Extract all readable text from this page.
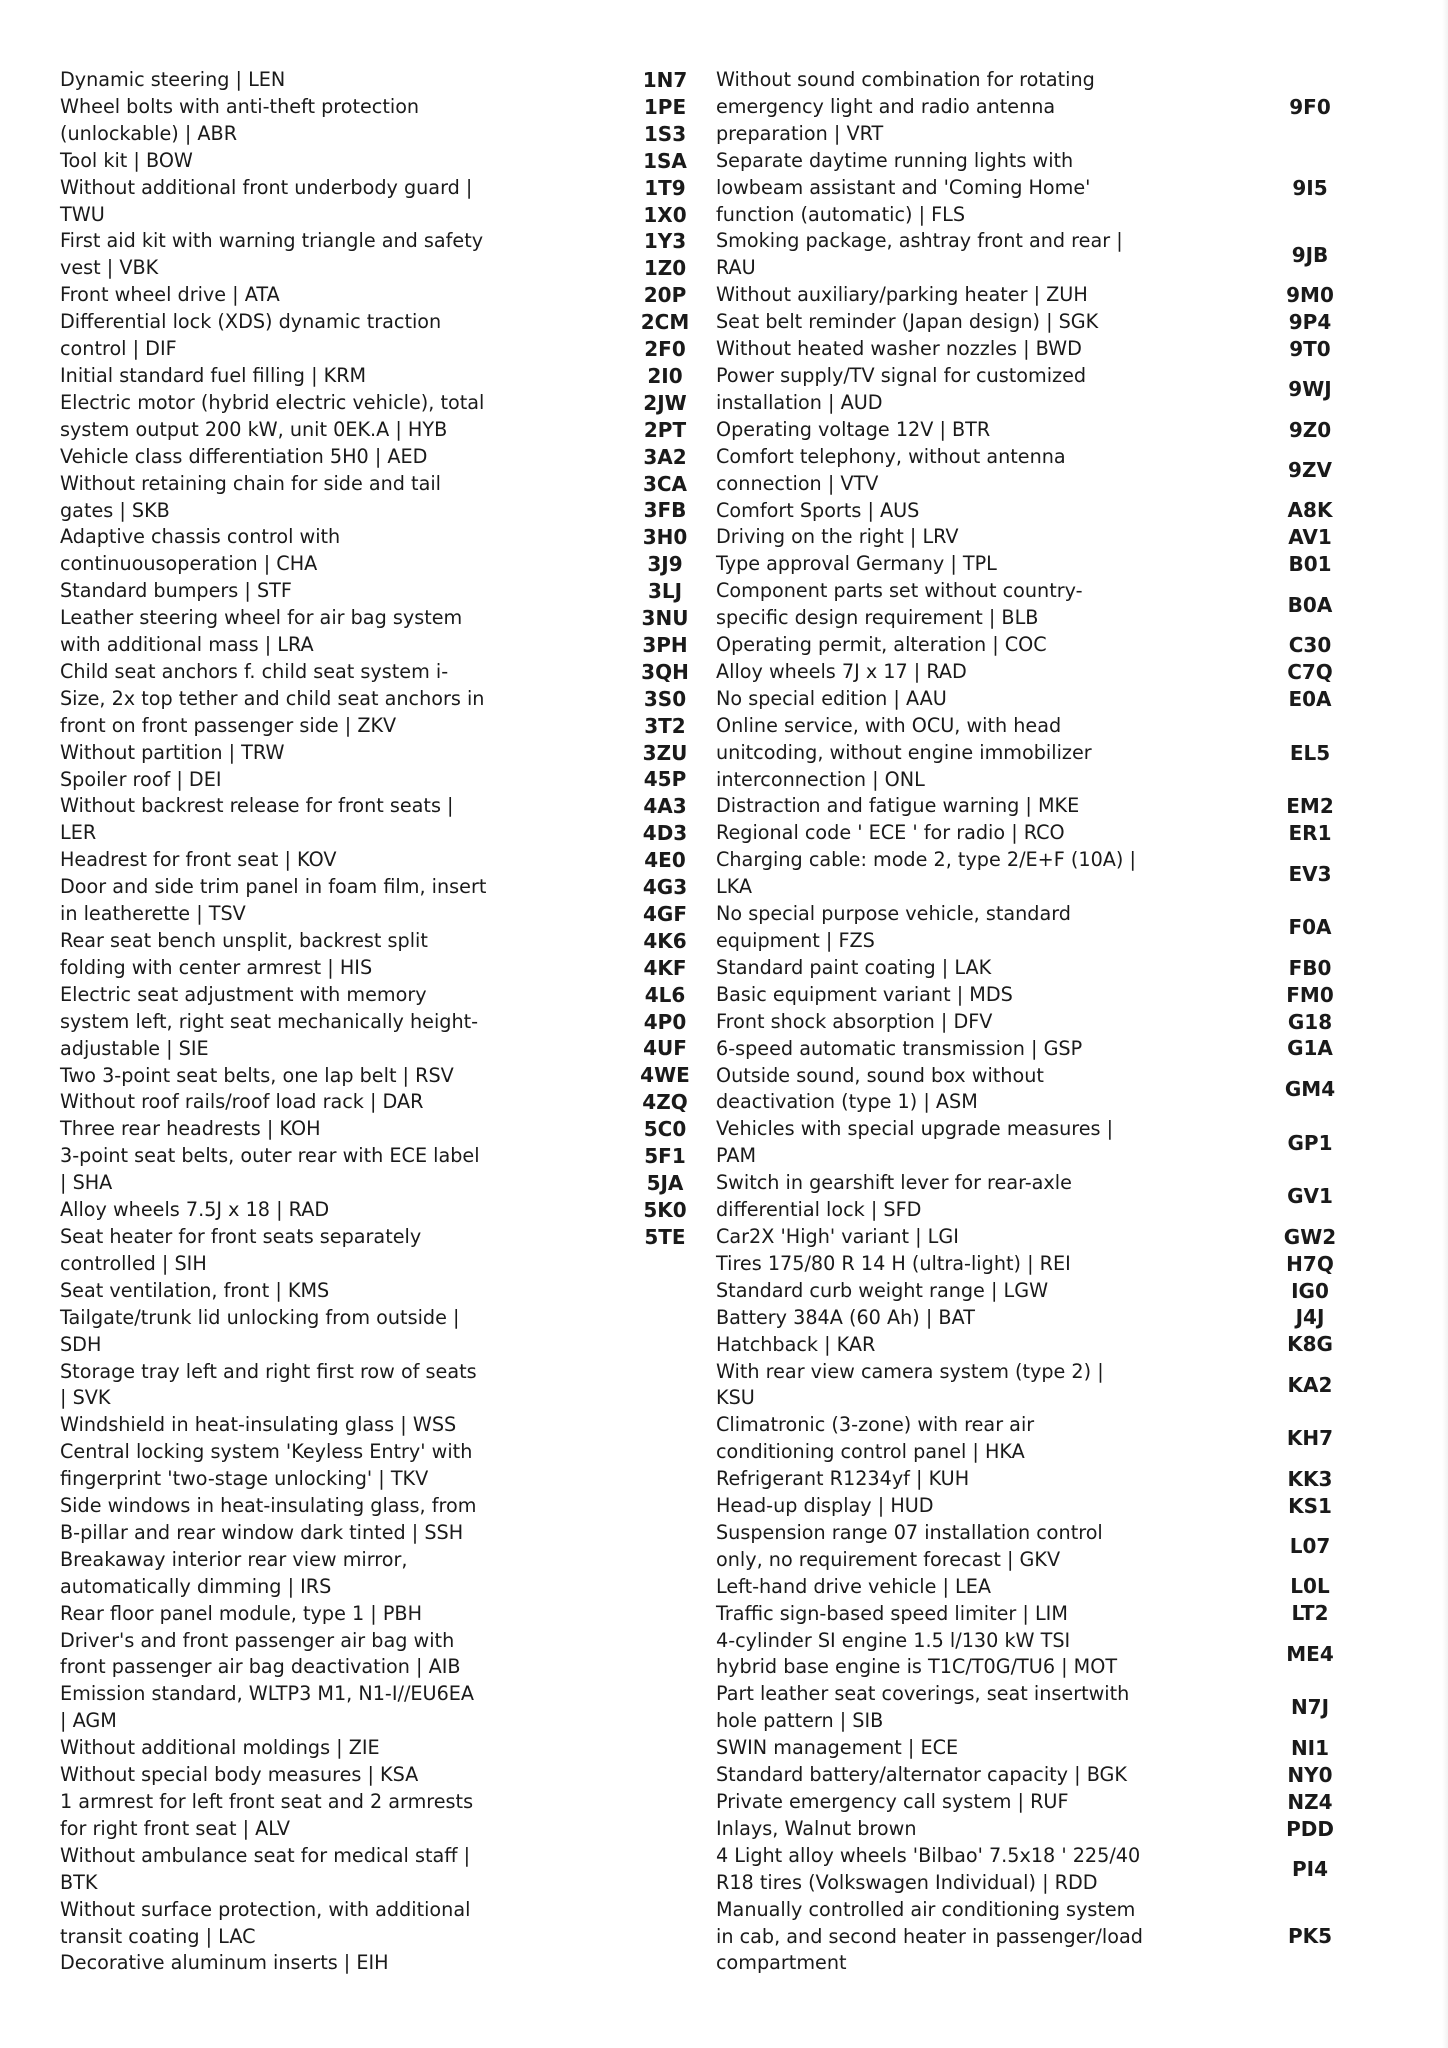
Dynamic steering | LEN
Wheel bolts with anti-theft protection
(unlockable) | ABR
Tool kit | BOW
Without additional front underbody guard |
TWU
First aid kit with warning triangle and safety
vest | VBK
Front wheel drive | ATA
Differential lock (XDS) dynamic traction
control | DIF
Initial standard fuel filling | KRM
Electric motor (hybrid electric vehicle), total
system output 200 kW, unit 0EK.A | HYB
Vehicle class differentiation 5H0 | AED
Without retaining chain for side and tail
gates | SKB
Adaptive chassis control with
continuousoperation | CHA
Standard bumpers | STF
Leather steering wheel for air bag system
with additional mass | LRA
Child seat anchors f. child seat system i-
Size, 2x top tether and child seat anchors in
front on front passenger side | ZKV
Without partition | TRW
Spoiler roof | DEI
Without backrest release for front seats |
LER
Headrest for front seat | KOV
Door and side trim panel in foam film, insert
in leatherette | TSV
Rear seat bench unsplit, backrest split
folding with center armrest | HIS
Electric seat adjustment with memory
system left, right seat mechanically height-
adjustable | SIE
Two 3-point seat belts, one lap belt | RSV
Without roof rails/roof load rack | DAR
Three rear headrests | KOH
3-point seat belts, outer rear with ECE label
| SHA
Alloy wheels 7.5J x 18 | RAD
Seat heater for front seats separately
controlled | SIH
Seat ventilation, front | KMS
Tailgate/trunk lid unlocking from outside |
SDH
Storage tray left and right first row of seats
| SVK
Windshield in heat-insulating glass | WSS
Central locking system 'Keyless Entry' with
fingerprint 'two-stage unlocking' | TKV
Side windows in heat-insulating glass, from
B-pillar and rear window dark tinted | SSH
Breakaway interior rear view mirror,
automatically dimming | IRS
Rear floor panel module, type 1 | PBH
Driver's and front passenger air bag with
front passenger air bag deactivation | AIB
Emission standard, WLTP3 M1, N1-I//EU6EA
| AGM
Without additional moldings | ZIE
Without special body measures | KSA
1 armrest for left front seat and 2 armrests
for right front seat | ALV
Without ambulance seat for medical staff |
BTK
Without surface protection, with additional
transit coating | LAC
Decorative aluminum inserts | EIH
1N7
1PE
1S3
1SA
1T9
1X0
1Y3
1Z0
20P
2CM
2F0
2I0
2JW
2PT
3A2
3CA
3FB
3H0
3J9
3LJ
3NU
3PH
3QH
3S0
3T2
3ZU
45P
4A3
4D3
4E0
4G3
4GF
4K6
4KF
4L6
4P0
4UF
4WE
4ZQ
5C0
5F1
5JA
5K0
5TE
Without sound combination for rotating
emergency light and radio antenna
preparation | VRT
Separate daytime running lights with
lowbeam assistant and 'Coming Home'
function (automatic) | FLS
Smoking package, ashtray front and rear |
RAU
Without auxiliary/parking heater | ZUH
Seat belt reminder (Japan design) | SGK
Without heated washer nozzles | BWD
Power supply/TV signal for customized
installation | AUD
Operating voltage 12V | BTR
Comfort telephony, without antenna
connection | VTV
Comfort Sports | AUS
Driving on the right | LRV
Type approval Germany | TPL
Component parts set without country-
specific design requirement | BLB
Operating permit, alteration | COC
Alloy wheels 7J x 17 | RAD
No special edition | AAU
Online service, with OCU, with head
unitcoding, without engine immobilizer
interconnection | ONL
Distraction and fatigue warning | MKE
Regional code ' ECE ' for radio | RCO
Charging cable: mode 2, type 2/E+F (10A) |
LKA
No special purpose vehicle, standard
equipment | FZS
Standard paint coating | LAK
Basic equipment variant | MDS
Front shock absorption | DFV
6-speed automatic transmission | GSP
Outside sound, sound box without
deactivation (type 1) | ASM
Vehicles with special upgrade measures |
PAM
Switch in gearshift lever for rear-axle
differential lock | SFD
Car2X 'High' variant | LGI
Tires 175/80 R 14 H (ultra-light) | REI
Standard curb weight range | LGW
Battery 384A (60 Ah) | BAT
Hatchback | KAR
With rear view camera system (type 2) |
KSU
Climatronic (3-zone) with rear air
conditioning control panel | HKA
Refrigerant R1234yf | KUH
Head-up display | HUD
Suspension range 07 installation control
only, no requirement forecast | GKV
Left-hand drive vehicle | LEA
Traffic sign-based speed limiter | LIM
4-cylinder SI engine 1.5 l/130 kW TSI
hybrid base engine is T1C/T0G/TU6 | MOT
Part leather seat coverings, seat insertwith
hole pattern | SIB
SWIN management | ECE
Standard battery/alternator capacity | BGK
Private emergency call system | RUF
Inlays, Walnut brown
4 Light alloy wheels 'Bilbao' 7.5x18 ' 225/40
R18 tires (Volkswagen Individual) | RDD
Manually controlled air conditioning system
in cab, and second heater in passenger/load
compartment
9F0
9I5
9JB
9M0
9P4
9T0
9WJ
9Z0
9ZV
A8K
AV1
B01
B0A
C30
C7Q
E0A
EL5
EM2
ER1
EV3
F0A
FB0
FM0
G18
G1A
GM4
GP1
GV1
GW2
H7Q
IG0
J4J
K8G
KA2
KH7
KK3
KS1
L07
L0L
LT2
ME4
N7J
NI1
NY0
NZ4
PDD
PI4
PK5
